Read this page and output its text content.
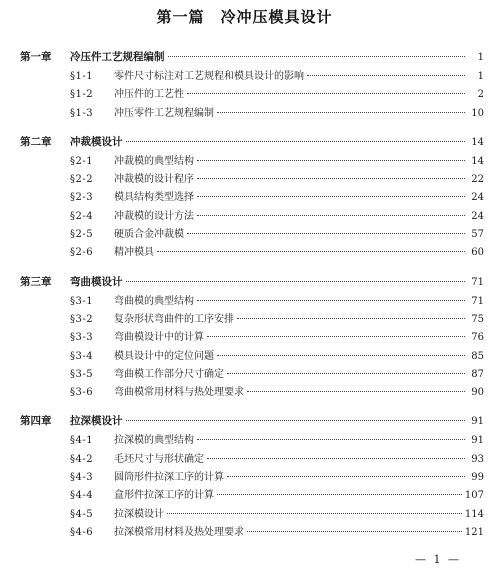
第一篇　冷冲压模具设计
第一章	冷压件工艺规程编制	1
§1-1	零件尺寸标注对工艺规程和模具设计的影响	1
§1-2	冲压件的工艺性	2
§1-3	冲压零件工艺规程编制	10
第二章	冲裁模设计	14
§2-1	冲裁模的典型结构	14
§2-2	冲裁模的设计程序	22
§2-3	模具结构类型选择	24
§2-4	冲裁模的设计方法	24
§2-5	硬质合金冲裁模	57
§2-6	精冲模具	60
第三章	弯曲模设计	71
§3-1	弯曲模的典型结构	71
§3-2	复杂形状弯曲件的工序安排	75
§3-3	弯曲模设计中的计算	76
§3-4	模具设计中的定位问题	85
§3-5	弯曲模工作部分尺寸确定	87
§3-6	弯曲模常用材料与热处理要求	90
第四章	拉深模设计	91
§4-1	拉深模的典型结构	91
§4-2	毛坯尺寸与形状确定	93
§4-3	圆筒形件拉深工序的计算	99
§4-4	盒形件拉深工序的计算	107
§4-5	拉深模设计	114
§4-6	拉深模常用材料及热处理要求	121
— 1 —
